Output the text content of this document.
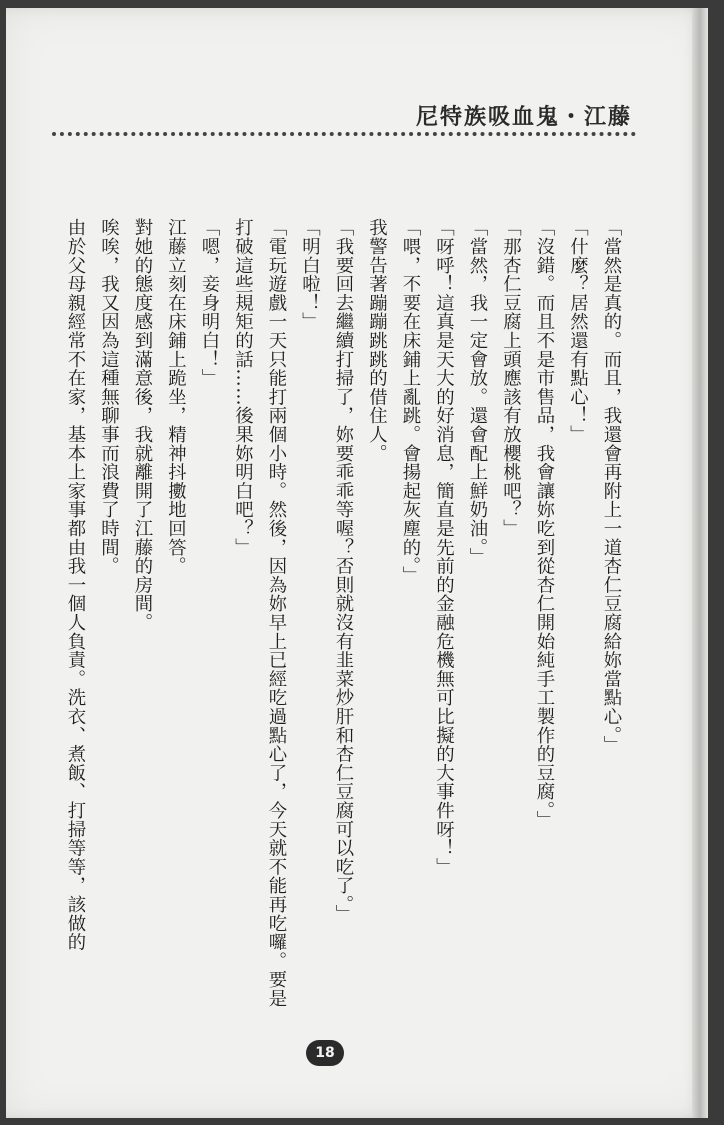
尼特族吸血鬼・江藤

「當然是真的。而且，我還會再附上一道杏仁豆腐給妳當點心。」

「什麼？居然還有點心！」

「沒錯。而且不是市售品，我會讓妳吃到從杏仁開始純手工製作的豆腐。」

「那杏仁豆腐上頭應該有放櫻桃吧？」

「當然，我一定會放。還會配上鮮奶油。」

「呀呼！這真是天大的好消息，簡直是先前的金融危機無可比擬的大事件呀！」

「喂，不要在床鋪上亂跳。會揚起灰塵的。」

我警告著蹦蹦跳跳的借住人。

「我要回去繼續打掃了，妳要乖乖等喔？否則就沒有韭菜炒肝和杏仁豆腐可以吃了。」

「明白啦！」

「電玩遊戲一天只能打兩個小時。然後，因為妳早上已經吃過點心了，今天就不能再吃囉。要是打破這些規矩的話……後果妳明白吧？」

「嗯，妾身明白！」

江藤立刻在床鋪上跪坐，精神抖擻地回答。

對她的態度感到滿意後，我就離開了江藤的房間。

唉唉，我又因為這種無聊事而浪費了時間。

由於父母親經常不在家，基本上家事都由我一個人負責。洗衣、煮飯、打掃等等，該做的

18
